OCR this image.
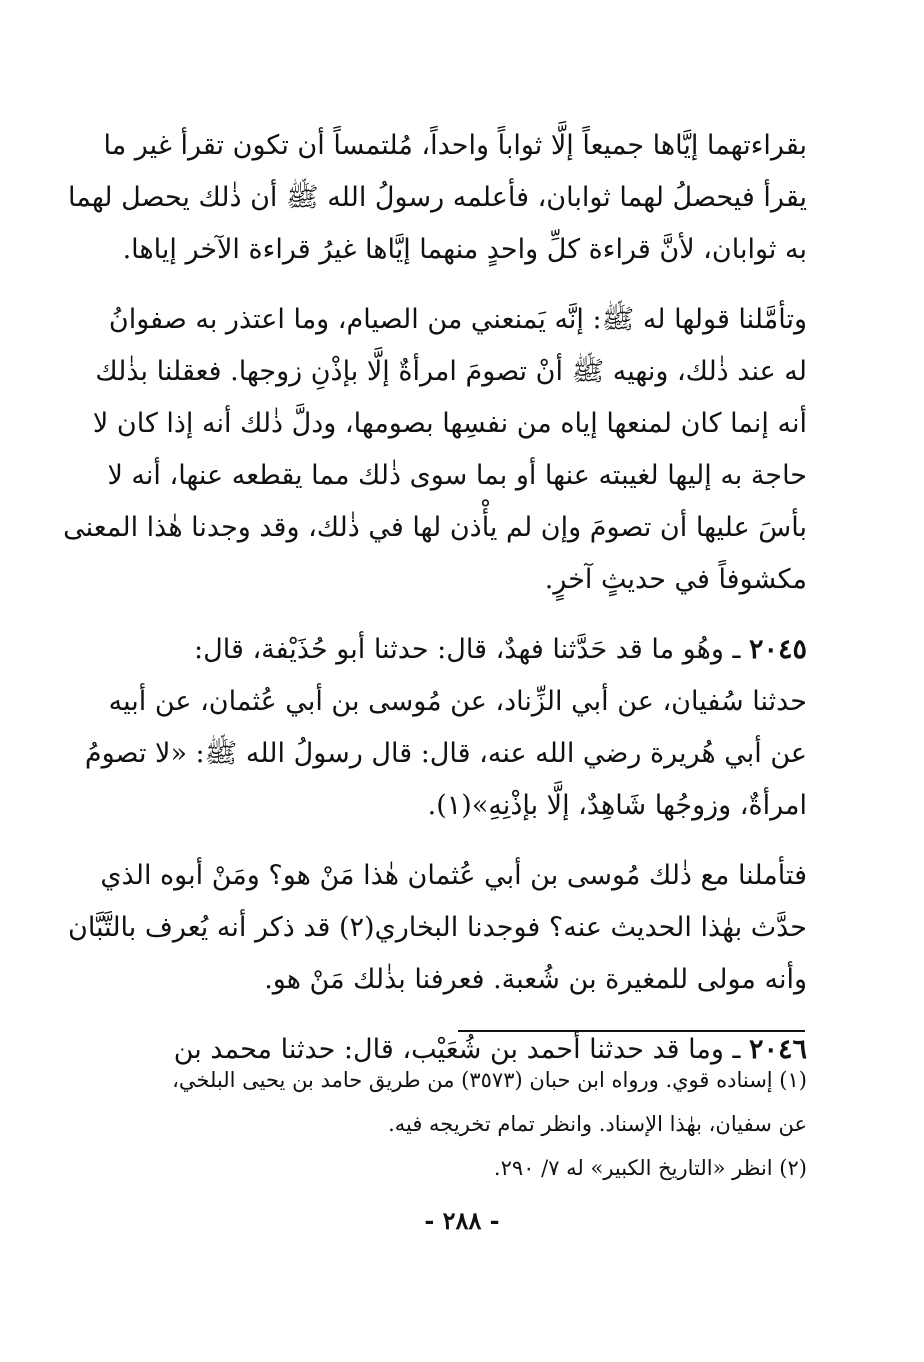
بقراءتهما إيَّاها جميعاً إلَّا ثواباً واحداً، مُلتمساً أن تكون تقرأ غير ما
يقرأ فيحصلُ لهما ثوابان، فأعلمه رسولُ الله ﷺ أن ذٰلك يحصل لهما
به ثوابان، لأنَّ قراءة كلِّ واحدٍ منهما إيَّاها غيرُ قراءة الآخر إياها.

وتأمَّلنا قولها له ﷺ: إنَّه يَمنعني من الصيام، وما اعتذر به صفوانُ
له عند ذٰلك، ونهيه ﷺ أنْ تصومَ امرأةٌ إلَّا بإذْنِ زوجها. فعقلنا بذٰلك
أنه إنما كان لمنعها إياه من نفسِها بصومها، ودلَّ ذٰلك أنه إذا كان لا
حاجة به إليها لغيبته عنها أو بما سوى ذٰلك مما يقطعه عنها، أنه لا
بأسَ عليها أن تصومَ وإن لم يأْذن لها في ذٰلك، وقد وجدنا هٰذا المعنى
مكشوفاً في حديثٍ آخرٍ.

٢٠٤٥ ـ وهُو ما قد حَدَّثنا فهدٌ، قال: حدثنا أبو حُذَيْفة، قال:
حدثنا سُفيان، عن أبي الزِّناد، عن مُوسى بن أبي عُثمان، عن أبيه
عن أبي هُريرة رضي الله عنه، قال: قال رسولُ الله ﷺ: «لا تصومُ
امرأةٌ، وزوجُها شَاهِدٌ، إلَّا بإذْنِهِ»(١).

فتأملنا مع ذٰلك مُوسى بن أبي عُثمان هٰذا مَنْ هو؟ ومَنْ أبوه الذي
حدَّث بهٰذا الحديث عنه؟ فوجدنا البخاري(٢) قد ذكر أنه يُعرف بالتَّبَّان
وأنه مولى للمغيرة بن شُعبة. فعرفنا بذٰلك مَنْ هو.

٢٠٤٦ ـ وما قد حدثنا أحمد بن شُعَيْب، قال: حدثنا محمد بن

(١) إسناده قوي. ورواه ابن حبان (٣٥٧٣) من طريق حامد بن يحيى البلخي،
عن سفيان، بهٰذا الإسناد. وانظر تمام تخريجه فيه.
(٢) انظر «التاريخ الكبير» له ٧/ ٢٩٠.
- ٢٨٨ -
